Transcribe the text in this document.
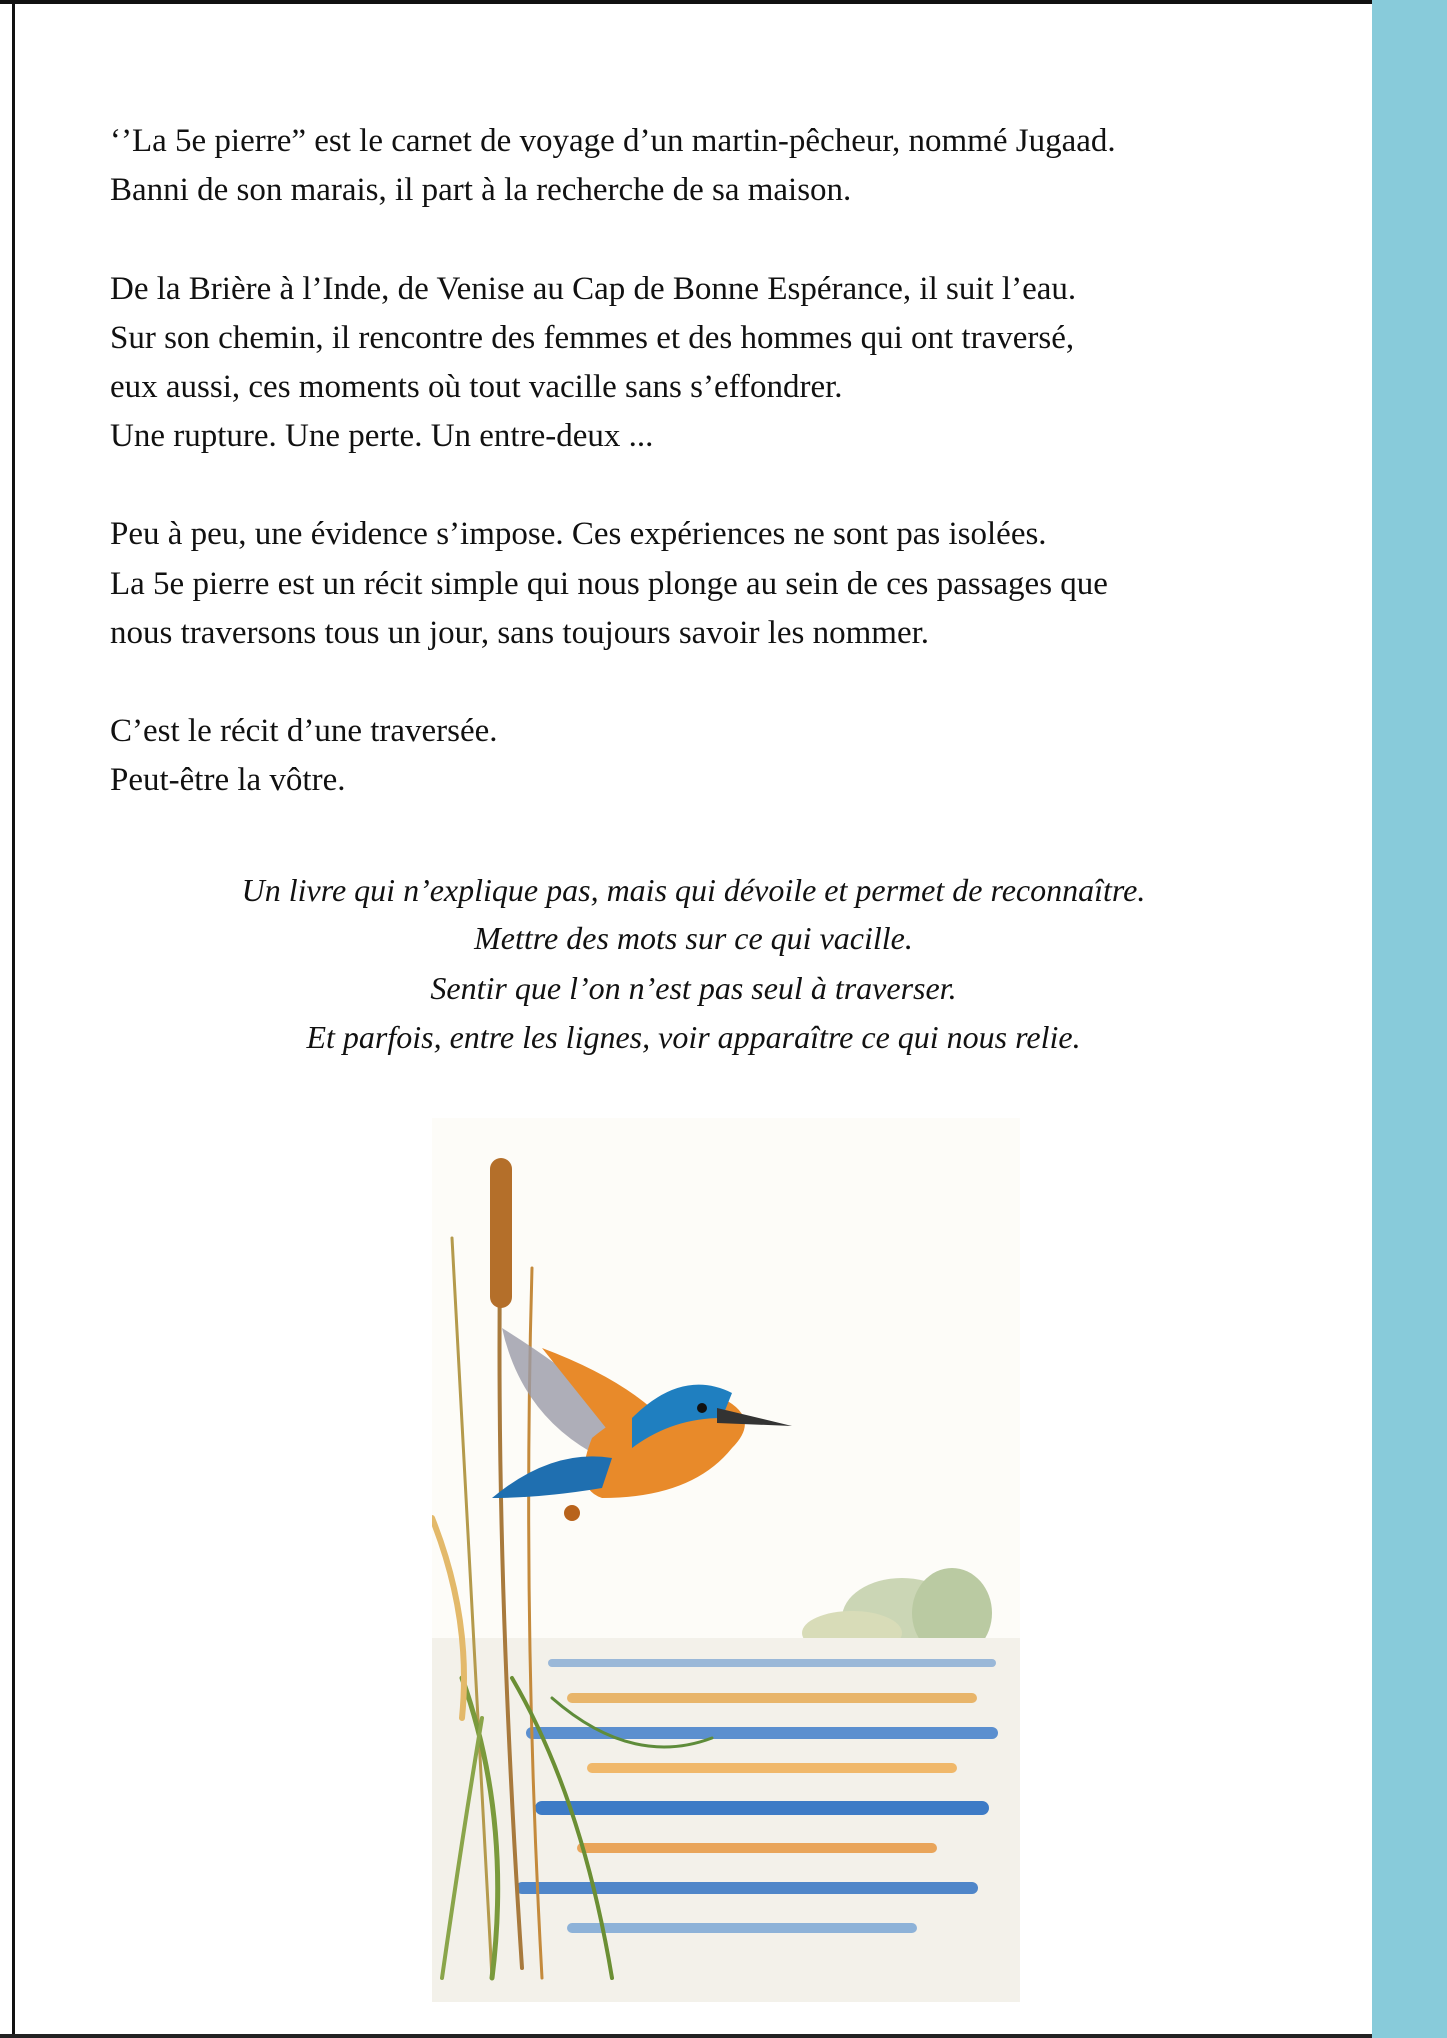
‘’La 5e pierre” est le carnet de voyage d’un martin-pêcheur, nommé Jugaad.
Banni de son marais, il part à la recherche de sa maison.
De la Brière à l’Inde, de Venise au Cap de Bonne Espérance, il suit l’eau.
Sur son chemin, il rencontre des femmes et des hommes qui ont traversé,
eux aussi, ces moments où tout vacille sans s’effondrer.
Une rupture. Une perte. Un entre-deux ...
Peu à peu, une évidence s’impose. Ces expériences ne sont pas isolées.
La 5e pierre est un récit simple qui nous plonge au sein de ces passages que
nous traversons tous un jour, sans toujours savoir les nommer.
C’est le récit d’une traversée.
Peut-être la vôtre.
Un livre qui n’explique pas, mais qui dévoile et permet de reconnaître.
Mettre des mots sur ce qui vacille.
Sentir que l’on n’est pas seul à traverser.
Et parfois, entre les lignes, voir apparaître ce qui nous relie.
